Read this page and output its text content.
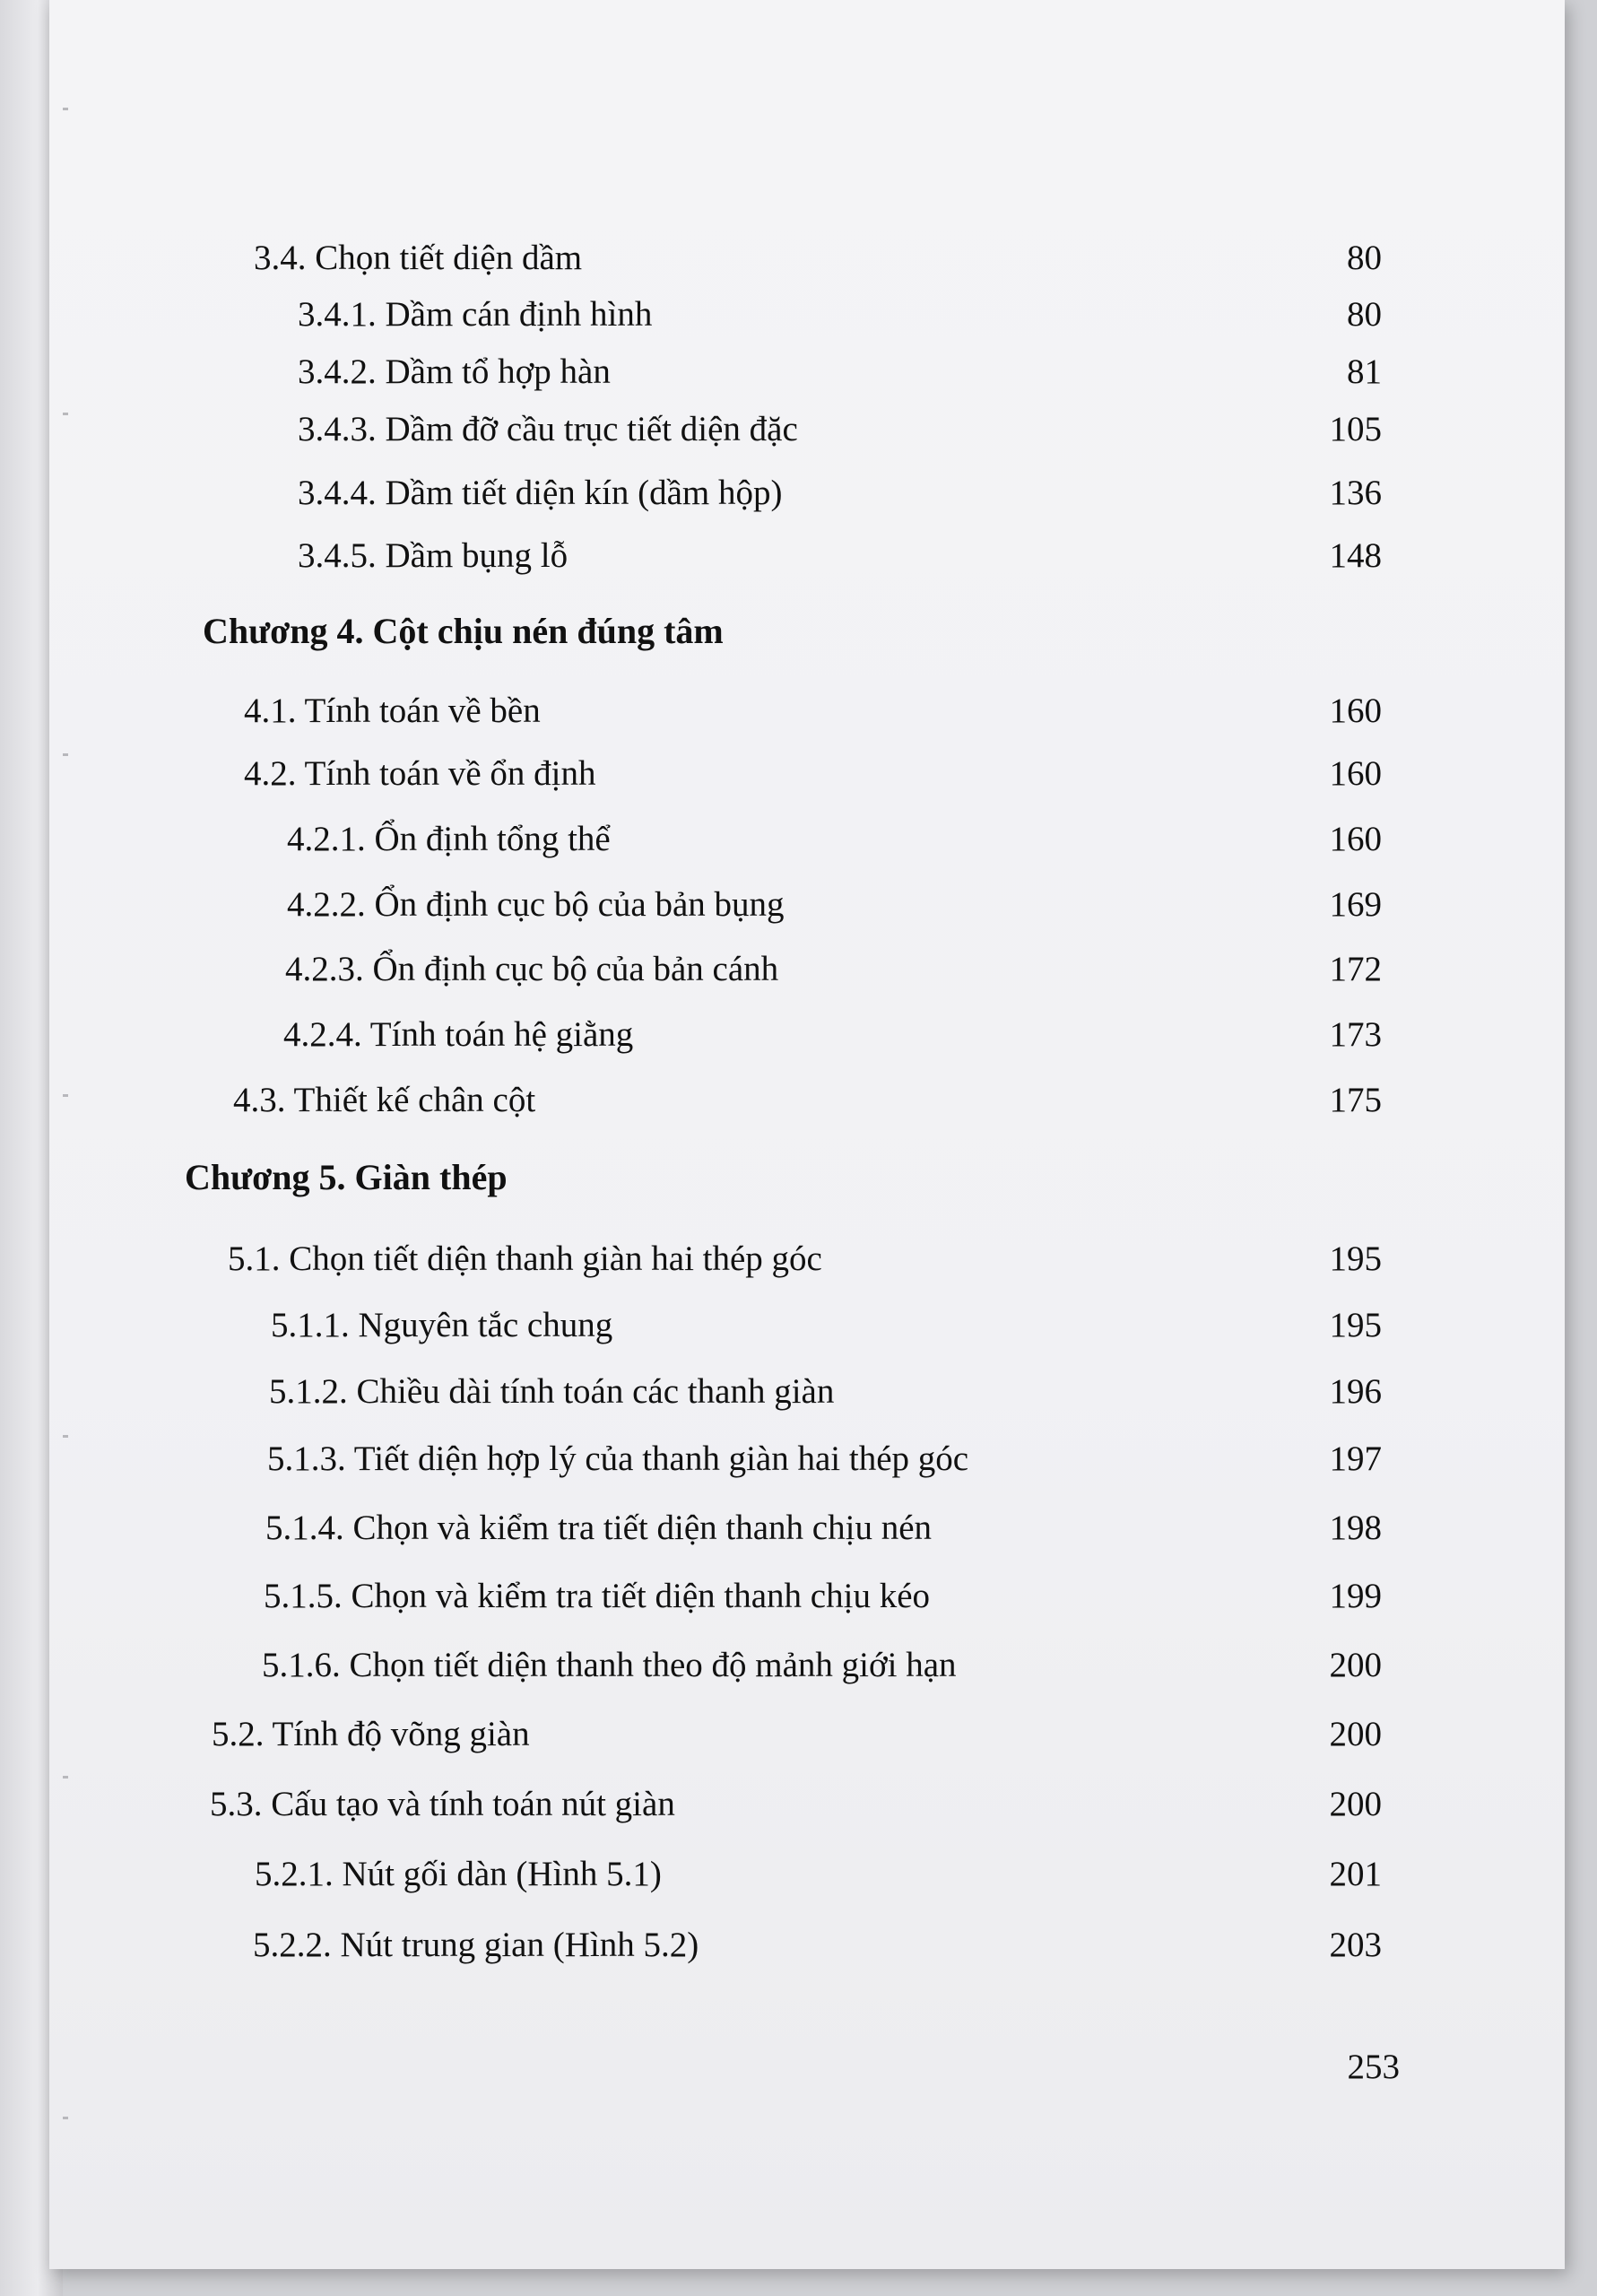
3.4. Chọn tiết diện dầm	80
3.4.1. Dầm cán định hình	80
3.4.2. Dầm tổ hợp hàn	81
3.4.3. Dầm đỡ cầu trục tiết diện đặc	105
3.4.4. Dầm tiết diện kín (dầm hộp)	136
3.4.5. Dầm bụng lỗ	148
Chương 4. Cột chịu nén đúng tâm
4.1. Tính toán về bền	160
4.2. Tính toán về ổn định	160
4.2.1. Ổn định tổng thể	160
4.2.2. Ổn định cục bộ của bản bụng	169
4.2.3. Ổn định cục bộ của bản cánh	172
4.2.4. Tính toán hệ giằng	173
4.3. Thiết kế chân cột	175
Chương 5. Giàn thép
5.1. Chọn tiết diện thanh giàn hai thép góc	195
5.1.1. Nguyên tắc chung	195
5.1.2. Chiều dài tính toán các thanh giàn	196
5.1.3. Tiết diện hợp lý của thanh giàn hai thép góc	197
5.1.4. Chọn và kiểm tra tiết diện thanh chịu nén	198
5.1.5. Chọn và kiểm tra tiết diện thanh chịu kéo	199
5.1.6. Chọn tiết diện thanh theo độ mảnh giới hạn	200
5.2. Tính độ võng giàn	200
5.3. Cấu tạo và tính toán nút giàn	200
5.2.1. Nút gối dàn (Hình 5.1)	201
5.2.2. Nút trung gian (Hình 5.2)	203
253
